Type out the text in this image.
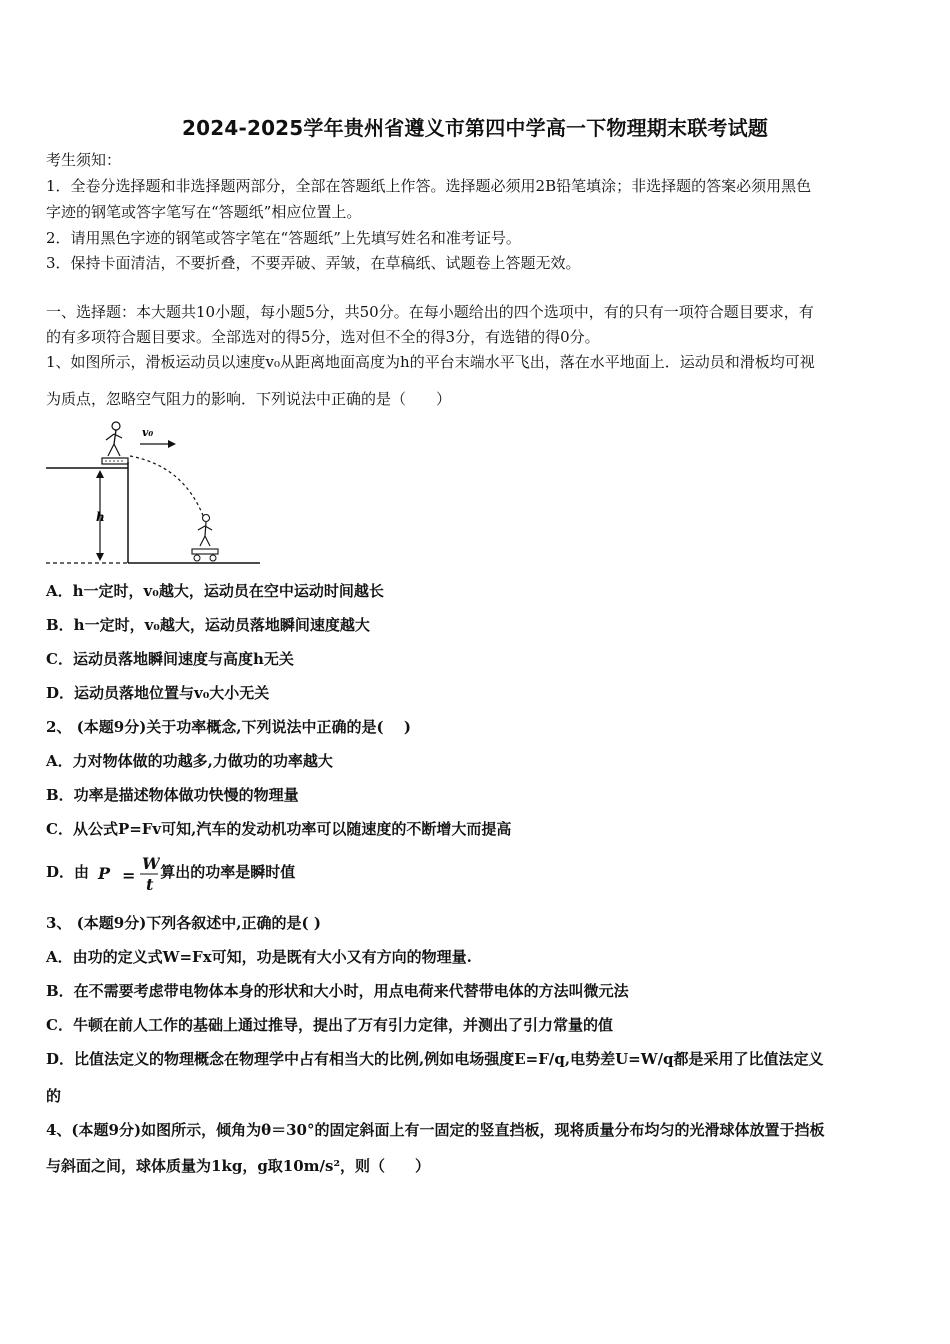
2024-2025学年贵州省遵义市第四中学高一下物理期末联考试题
考生须知：
1．全卷分选择题和非选择题两部分，全部在答题纸上作答。选择题必须用2B铅笔填涂；非选择题的答案必须用黑色
字迹的钢笔或答字笔写在“答题纸”相应位置上。
2．请用黑色字迹的钢笔或答字笔在“答题纸”上先填写姓名和准考证号。
3．保持卡面清洁，不要折叠，不要弄破、弄皱，在草稿纸、试题卷上答题无效。
一、选择题：本大题共10小题，每小题5分，共50分。在每小题给出的四个选项中，有的只有一项符合题目要求，有
的有多项符合题目要求。全部选对的得5分，选对但不全的得3分，有选错的得0分。
1、如图所示，滑板运动员以速度v₀从距离地面高度为h的平台末端水平飞出，落在水平地面上．运动员和滑板均可视
为质点，忽略空气阻力的影响．下列说法中正确的是（　　）
h
v₀
A．h一定时，v₀越大，运动员在空中运动时间越长
B．h一定时，v₀越大，运动员落地瞬间速度越大
C．运动员落地瞬间速度与高度h无关
D．运动员落地位置与v₀大小无关
2、 (本题9分)关于功率概念,下列说法中正确的是(　 )
A．力对物体做的功越多,力做功的功率越大
B．功率是描述物体做功快慢的物理量
C．从公式P=Fv可知,汽车的发动机功率可以随速度的不断增大而提高
D．由 P =
W
t
算出的功率是瞬时值
3、 (本题9分)下列各叙述中,正确的是( )
A．由功的定义式W=Fx可知，功是既有大小又有方向的物理量.
B．在不需要考虑带电物体本身的形状和大小时，用点电荷来代替带电体的方法叫微元法
C．牛顿在前人工作的基础上通过推导，提出了万有引力定律，并测出了引力常量的值
D．比值法定义的物理概念在物理学中占有相当大的比例,例如电场强度E=F/q,电势差U=W/q都是采用了比值法定义
的
4、(本题9分)如图所示，倾角为θ＝30°的固定斜面上有一固定的竖直挡板，现将质量分布均匀的光滑球体放置于挡板
与斜面之间，球体质量为1kg，g取10m/s²，则（　　）
